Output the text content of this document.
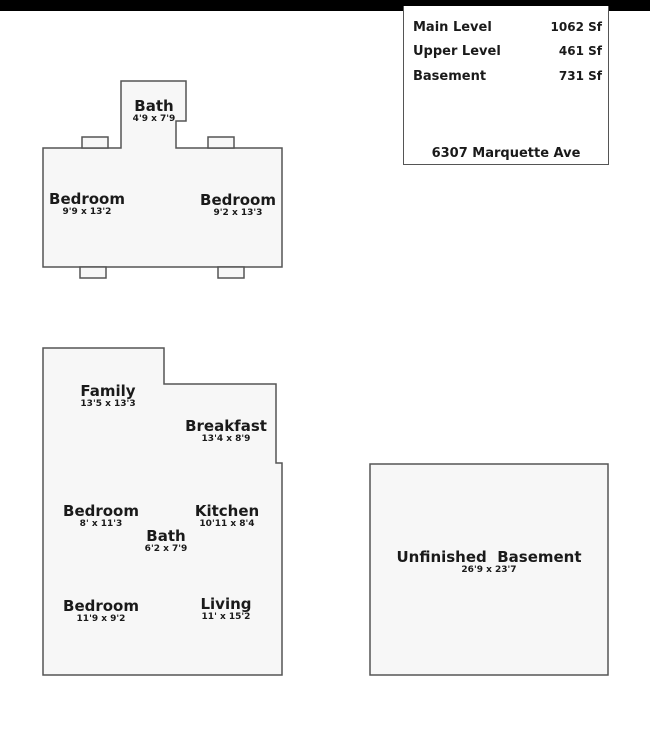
Main Level	1062 Sf
Upper Level	461 Sf
Basement	731 Sf
6307 Marquette Ave
Bath
4'9 x 7'9
Bedroom
9'9 x 13'2
Bedroom
9'2 x 13'3
Family
13'5 x 13'3
Breakfast
13'4 x 8'9
Bedroom
8' x 11'3
Kitchen
10'11 x 8'4
Bath
6'2 x 7'9
Bedroom
11'9 x 9'2
Living
11' x 15'2
Unfinished  Basement
26'9 x 23'7
